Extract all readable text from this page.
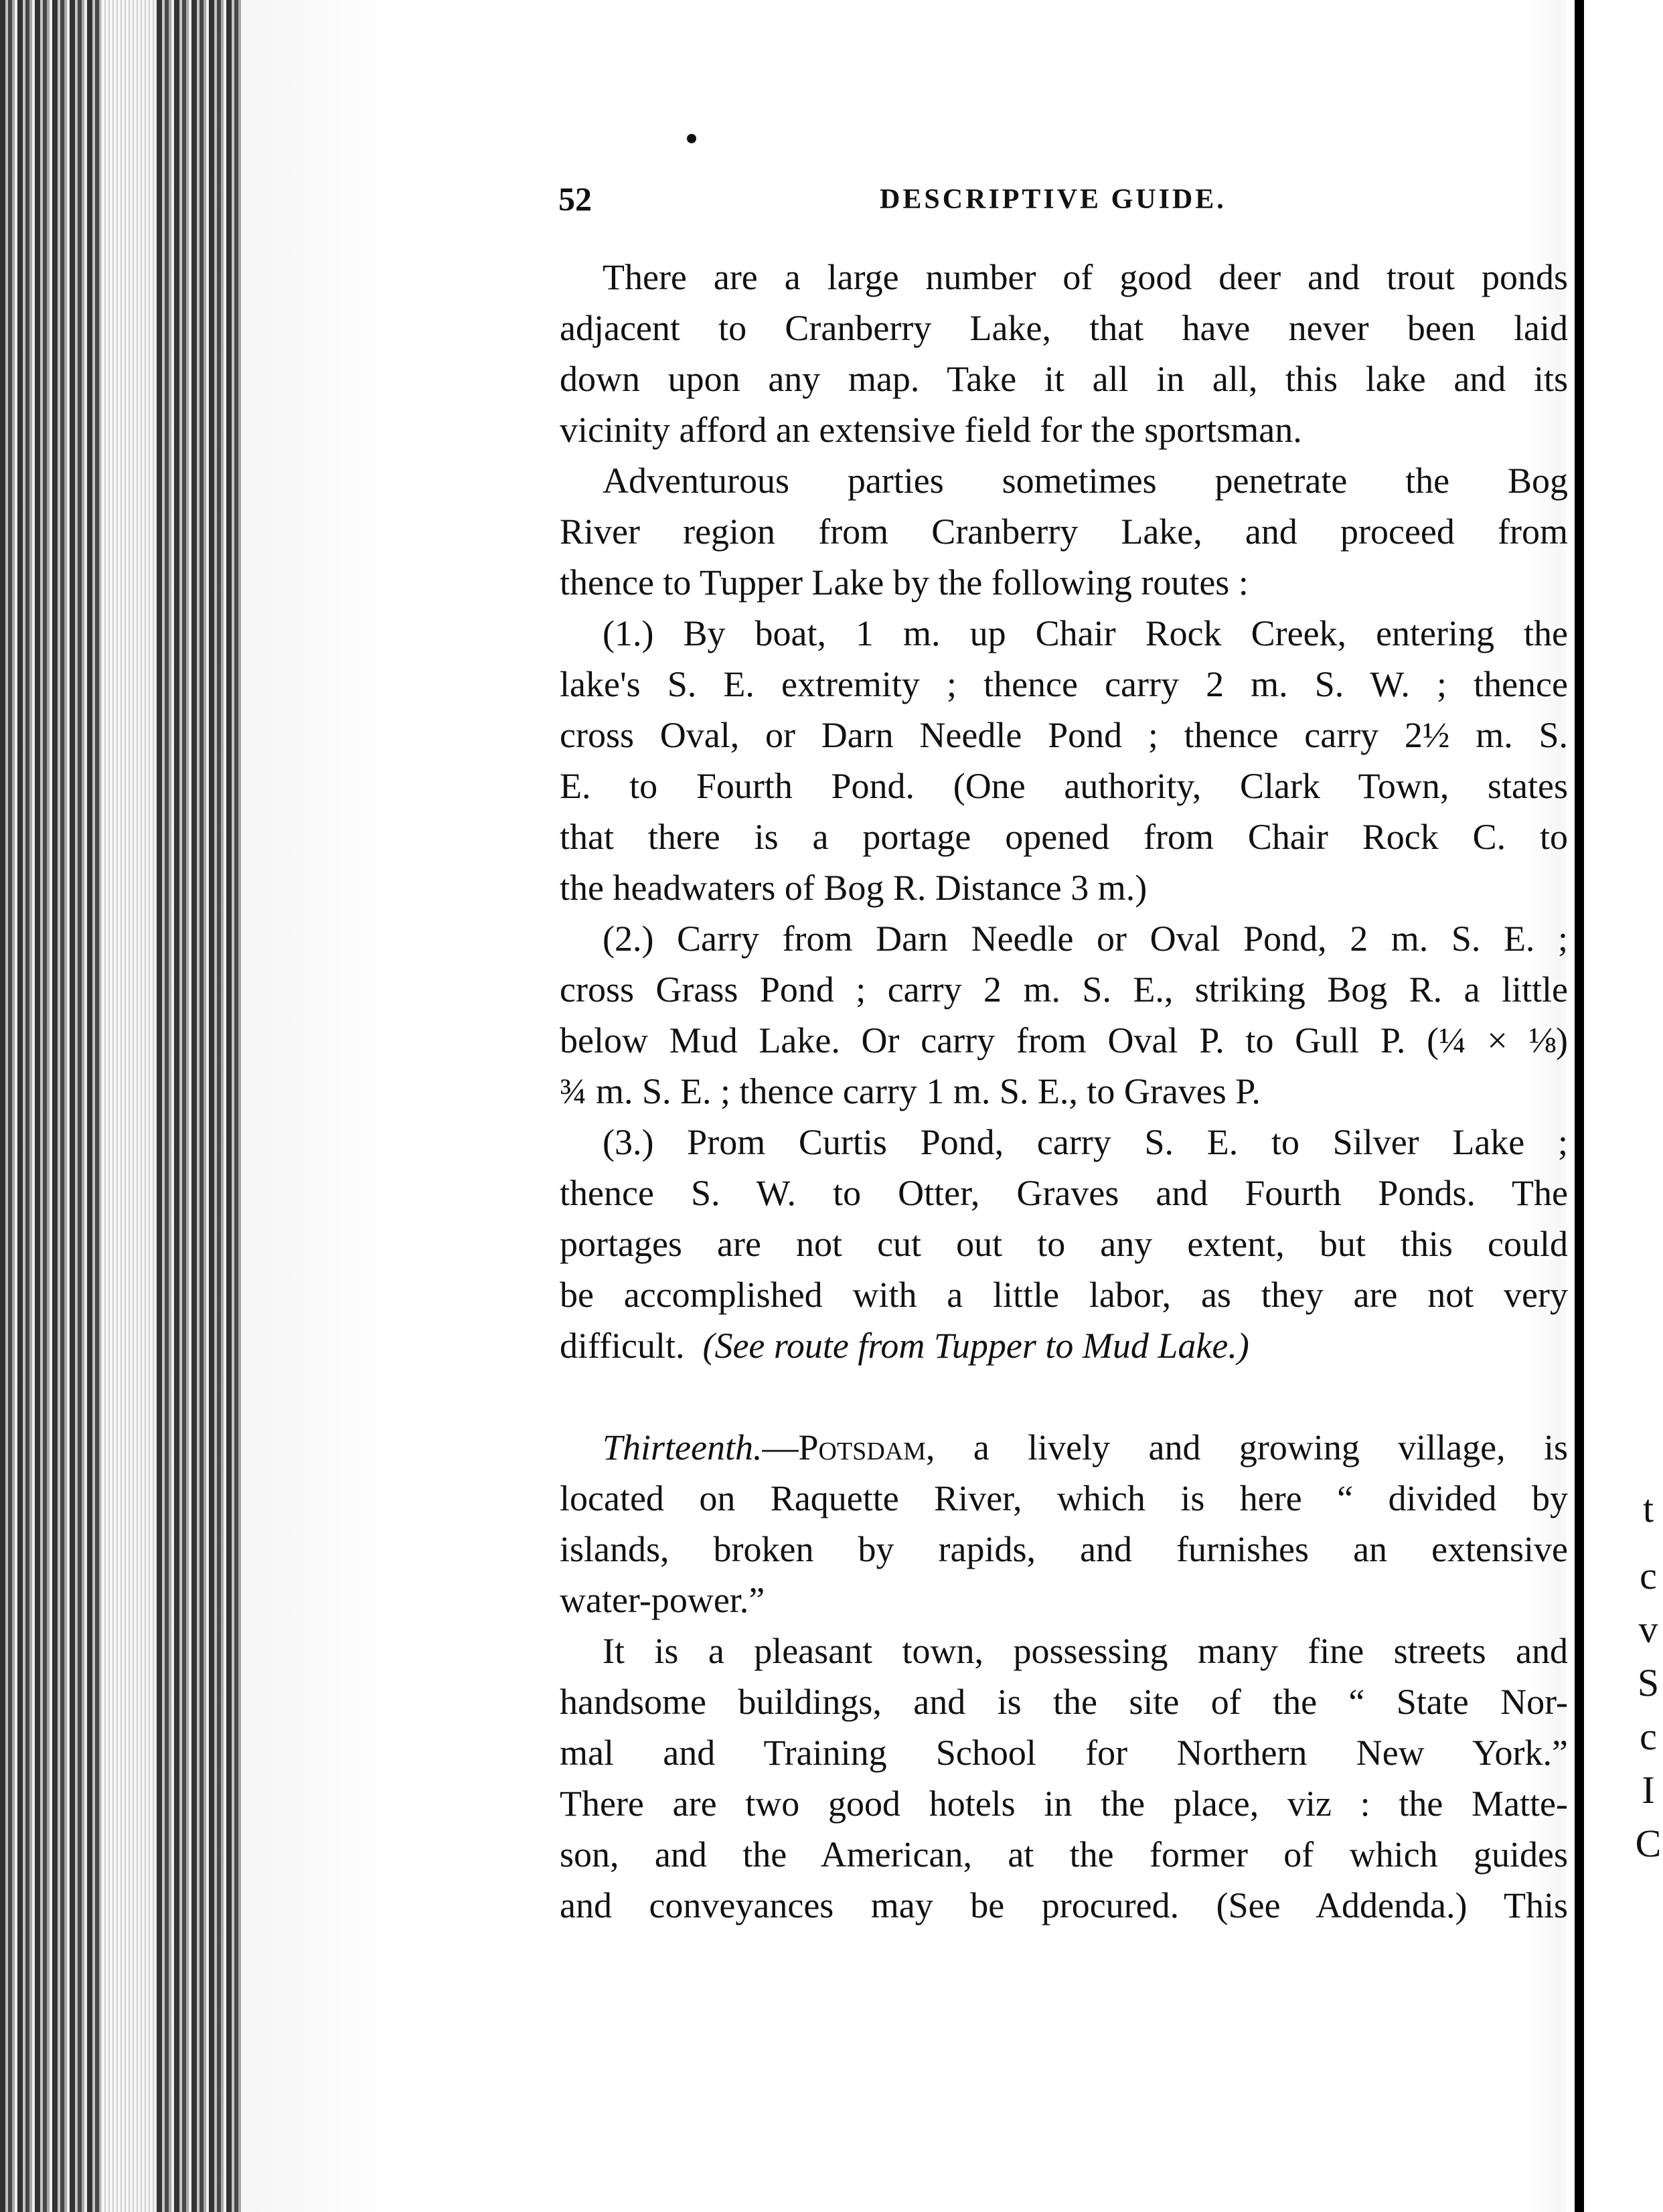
t
c
v
S
c
I
C
52	DESCRIPTIVE GUIDE.
There are a large number of good deer and trout ponds
adjacent to Cranberry Lake, that have never been laid
down upon any map. Take it all in all, this lake and its
vicinity afford an extensive field for the sportsman.
Adventurous parties sometimes penetrate the Bog
River region from Cranberry Lake, and proceed from
thence to Tupper Lake by the following routes :
(1.) By boat, 1 m. up Chair Rock Creek, entering the
lake's S. E. extremity ; thence carry 2 m. S. W. ; thence
cross Oval, or Darn Needle Pond ; thence carry 2½ m. S.
E. to Fourth Pond. (One authority, Clark Town, states
that there is a portage opened from Chair Rock C. to
the headwaters of Bog R. Distance 3 m.)
(2.) Carry from Darn Needle or Oval Pond, 2 m. S. E. ;
cross Grass Pond ; carry 2 m. S. E., striking Bog R. a little
below Mud Lake. Or carry from Oval P. to Gull P. (¼ × ⅛)
¾ m. S. E. ; thence carry 1 m. S. E., to Graves P.
(3.) Prom Curtis Pond, carry S. E. to Silver Lake ;
thence S. W. to Otter, Graves and Fourth Ponds. The
portages are not cut out to any extent, but this could
be accomplished with a little labor, as they are not very
difficult. (See route from Tupper to Mud Lake.)
Thirteenth.—Potsdam, a lively and growing village, is
located on Raquette River, which is here “ divided by
islands, broken by rapids, and furnishes an extensive
water-power.”
It is a pleasant town, possessing many fine streets and
handsome buildings, and is the site of the “ State Nor-
mal and Training School for Northern New York.”
There are two good hotels in the place, viz : the Matte-
son, and the American, at the former of which guides
and conveyances may be procured. (See Addenda.) This
